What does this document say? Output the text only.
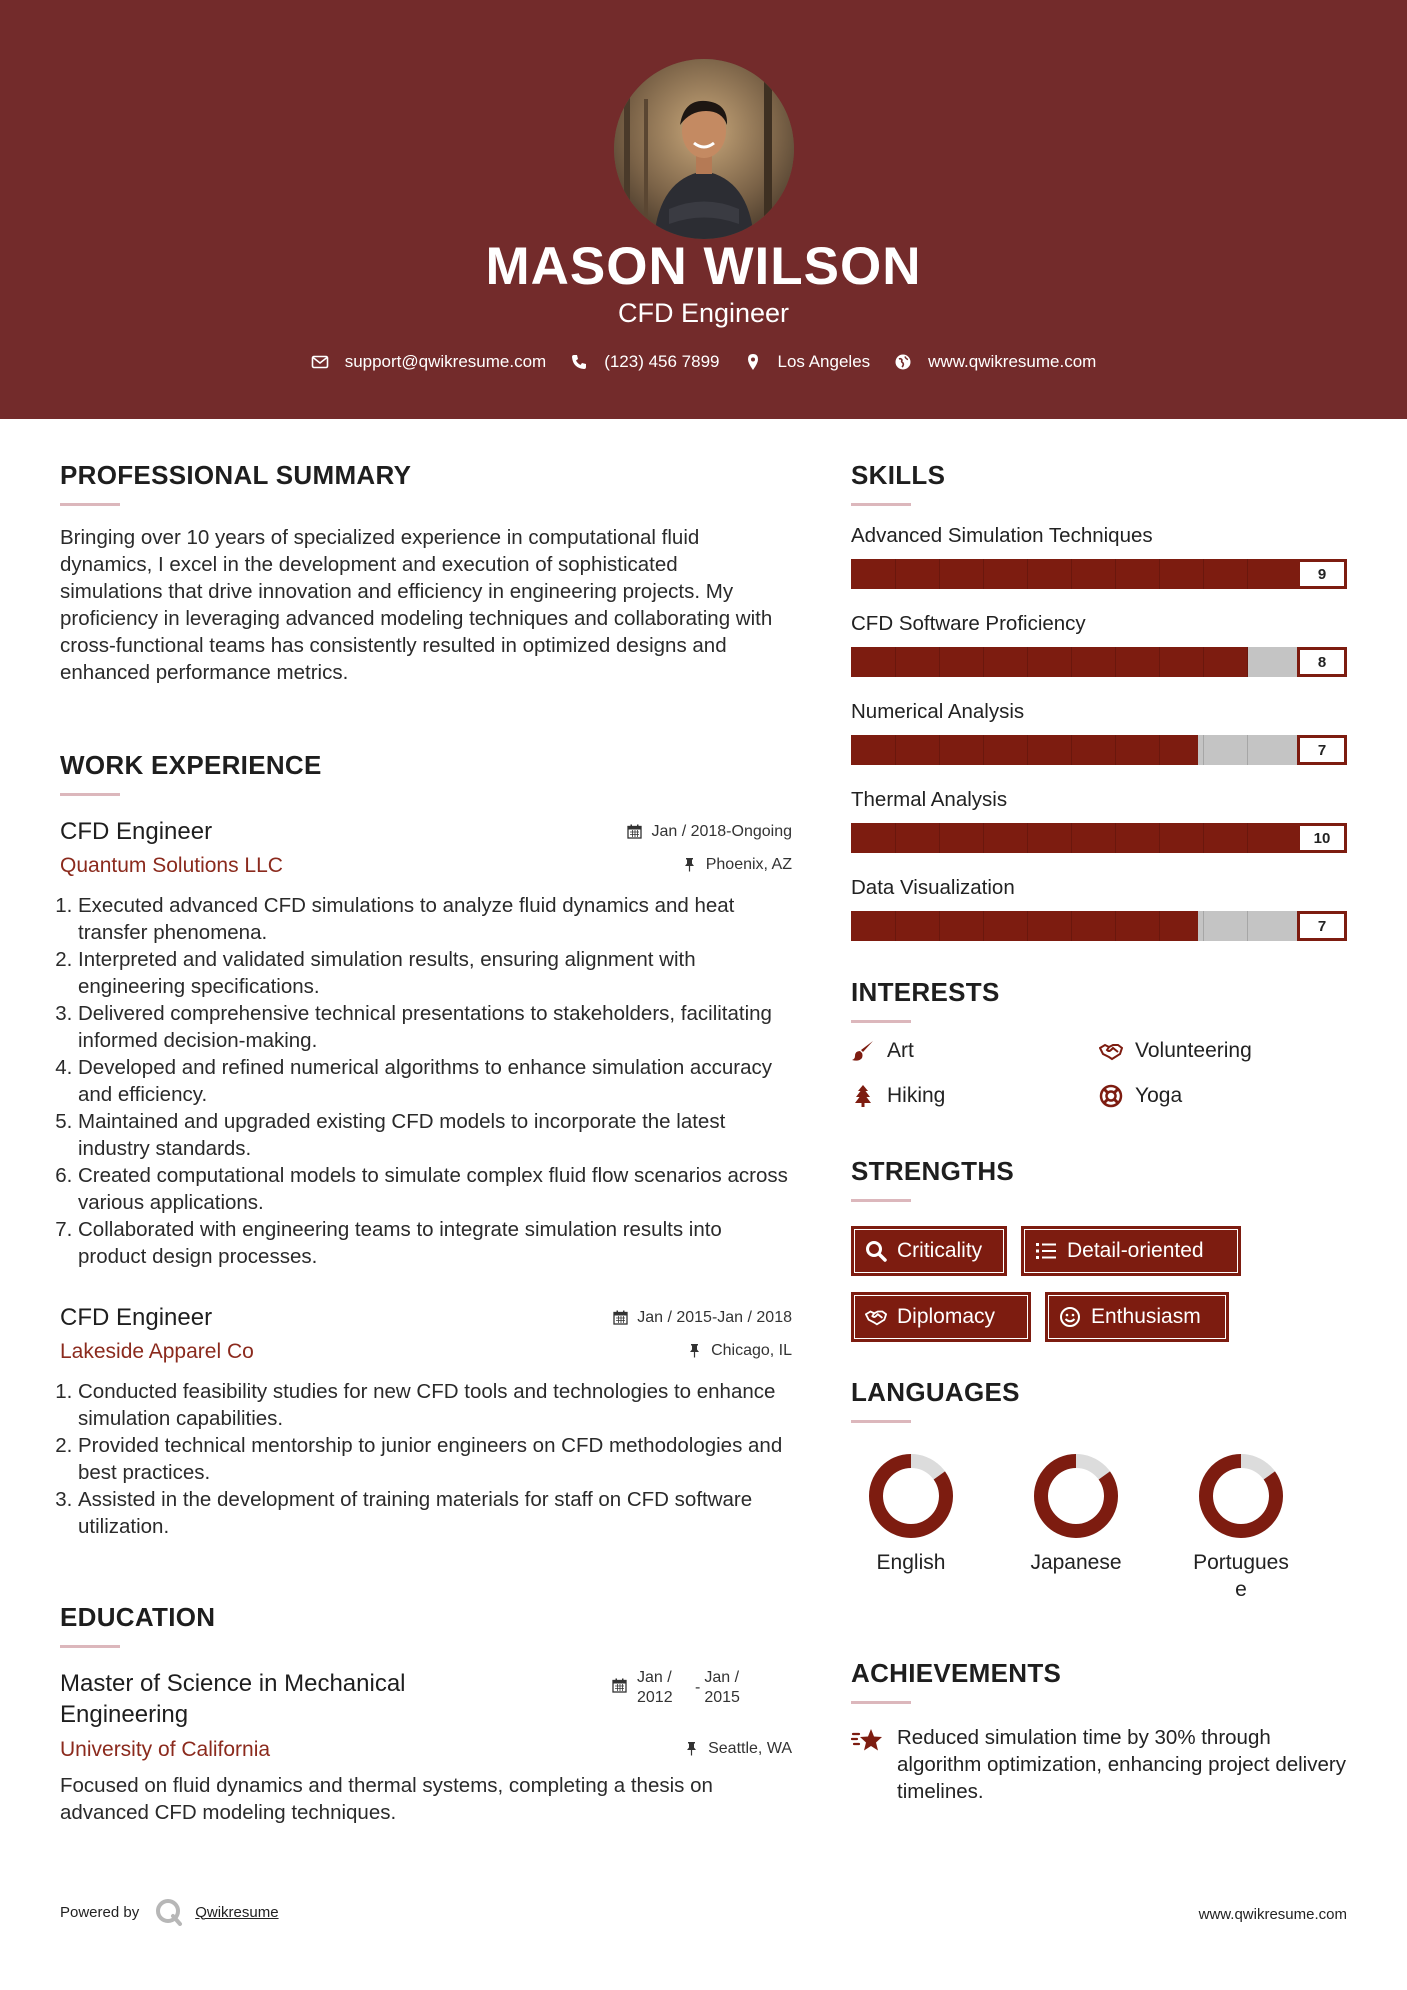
MASON WILSON
CFD Engineer
support@qwikresume.com	(123) 456 7899	Los Angeles	www.qwikresume.com
PROFESSIONAL SUMMARY
Bringing over 10 years of specialized experience in computational fluid dynamics, I excel in the development and execution of sophisticated simulations that drive innovation and efficiency in engineering projects. My proficiency in leveraging advanced modeling techniques and collaborating with cross-functional teams has consistently resulted in optimized designs and enhanced performance metrics.
WORK EXPERIENCE
CFD Engineer	Jan / 2018-Ongoing
Quantum Solutions LLC	Phoenix, AZ
1. Executed advanced CFD simulations to analyze fluid dynamics and heat transfer phenomena.
2. Interpreted and validated simulation results, ensuring alignment with engineering specifications.
3. Delivered comprehensive technical presentations to stakeholders, facilitating informed decision-making.
4. Developed and refined numerical algorithms to enhance simulation accuracy and efficiency.
5. Maintained and upgraded existing CFD models to incorporate the latest industry standards.
6. Created computational models to simulate complex fluid flow scenarios across various applications.
7. Collaborated with engineering teams to integrate simulation results into product design processes.
CFD Engineer	Jan / 2015-Jan / 2018
Lakeside Apparel Co	Chicago, IL
1. Conducted feasibility studies for new CFD tools and technologies to enhance simulation capabilities.
2. Provided technical mentorship to junior engineers on CFD methodologies and best practices.
3. Assisted in the development of training materials for staff on CFD software utilization.
EDUCATION
Master of Science in Mechanical Engineering
Jan / 2012
-
Jan / 2015
University of California	Seattle, WA
Focused on fluid dynamics and thermal systems, completing a thesis on advanced CFD modeling techniques.
SKILLS
Advanced Simulation Techniques
9
CFD Software Proficiency
8
Numerical Analysis
7
Thermal Analysis
10
Data Visualization
7
INTERESTS
Art	Volunteering
Hiking	Yoga
STRENGTHS
Criticality	Detail-oriented
Diplomacy	Enthusiasm
LANGUAGES
English	Japanese	Portugues
e
ACHIEVEMENTS
Reduced simulation time by 30% through algorithm optimization, enhancing project delivery timelines.
Powered by	Qwikresume	www.qwikresume.com
